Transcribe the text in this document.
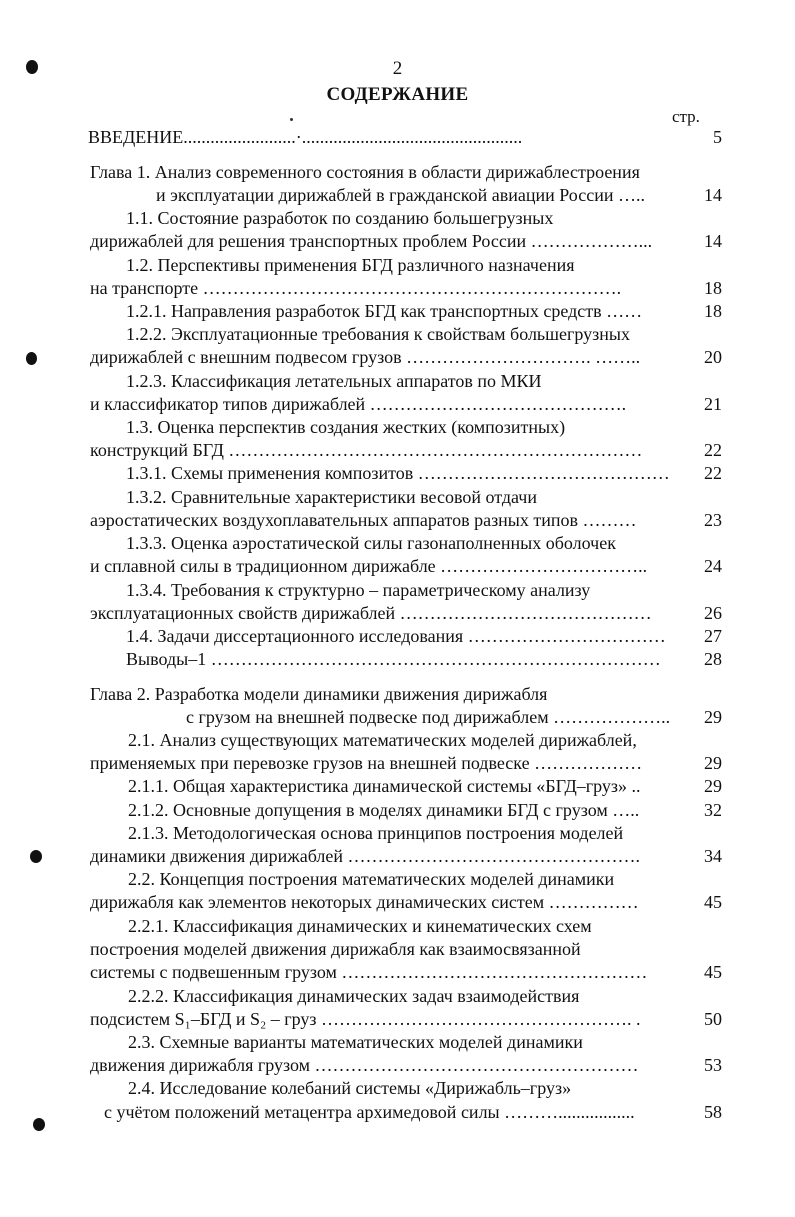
2
СОДЕРЖАНИЕ
стр.
ВВЕДЕНИЕ.........................·.................................................	5
Глава 1. Анализ современного состояния в области дирижаблестроения
и эксплуатации дирижаблей в гражданской авиации России …..	14
1.1. Состояние разработок по созданию большегрузных
дирижаблей для решения транспортных проблем России ………………...	14
1.2. Перспективы применения БГД различного назначения
на транспорте …………………………………………………………….	18
1.2.1. Направления разработок БГД как транспортных средств ……	18
1.2.2. Эксплуатационные требования к свойствам большегрузных
дирижаблей с внешним подвесом грузов …………………………. ……..	20
1.2.3. Классификация летательных аппаратов по МКИ
и классификатор типов дирижаблей …………………………………….	21
1.3. Оценка перспектив создания жестких (композитных)
конструкций БГД ……………………………………………………………	22
1.3.1. Схемы применения композитов ……………………………………	22
1.3.2. Сравнительные характеристики весовой отдачи
аэростатических воздухоплавательных аппаратов разных типов ………	23
1.3.3. Оценка аэростатической силы газонаполненных оболочек
и сплавной силы в традиционном дирижабле ……………………………..	24
1.3.4. Требования к структурно – параметрическому анализу
эксплуатационных свойств дирижаблей ……………………………………	26
1.4. Задачи диссертационного исследования ……………………………	27
Выводы–1 …………………………………………………………………	28
Глава 2. Разработка модели динамики движения дирижабля
с грузом на внешней подвеске под дирижаблем ………………..	29
2.1. Анализ существующих математических моделей дирижаблей,
применяемых при перевозке грузов на внешней подвеске ………………	29
2.1.1. Общая характеристика динамической системы «БГД–груз» ..	29
2.1.2. Основные допущения в моделях динамики БГД с грузом …..	32
2.1.3. Методологическая основа принципов построения моделей
динамики движения дирижаблей ………………………………………….	34
2.2. Концепция построения математических моделей динамики
дирижабля как элементов некоторых динамических систем ……………	45
2.2.1. Классификация динамических и кинематических схем
построения моделей движения дирижабля как взаимосвязанной
системы с подвешенным грузом ……………………………………………	45
2.2.2. Классификация динамических задач взаимодействия
подсистем S₁–БГД и S₂ – груз ……………………………………………. .	50
2.3. Схемные варианты математических моделей динамики
движения дирижабля грузом ………………………………………………	53
2.4. Исследование колебаний системы «Дирижабль–груз»
с учётом положений метацентра архимедовой силы ……….................	58
